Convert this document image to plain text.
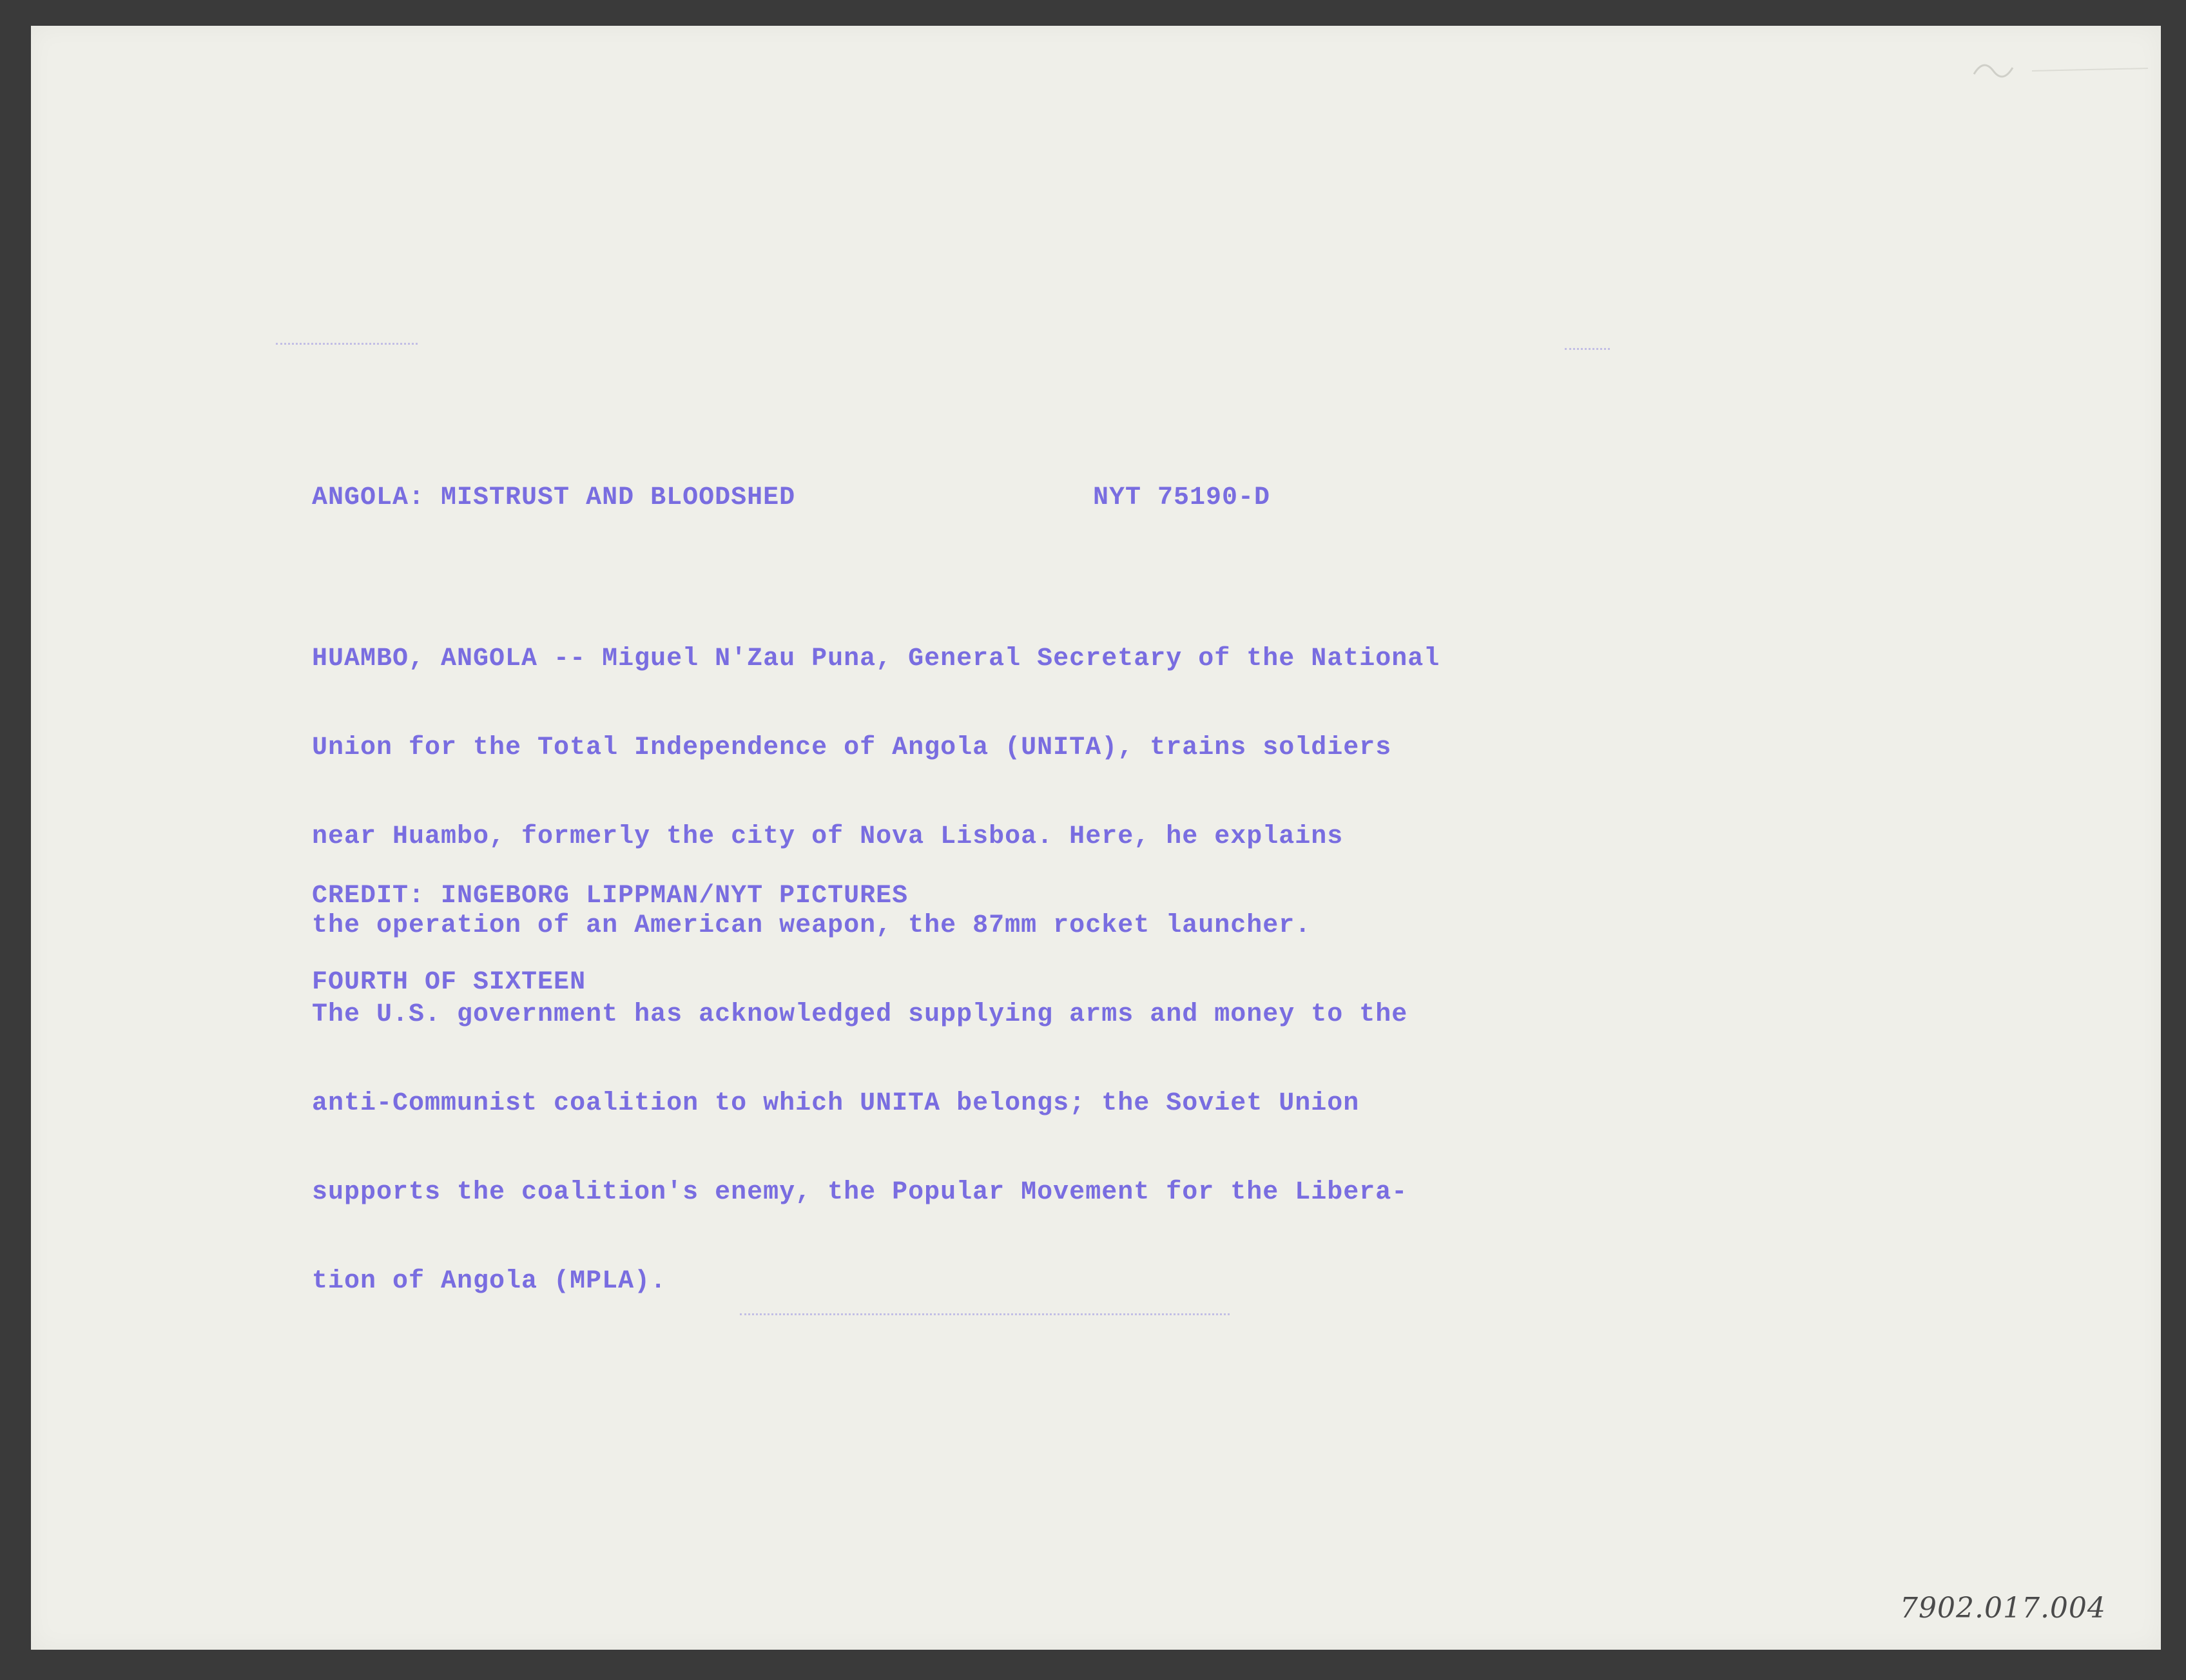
ANGOLA: MISTRUST AND BLOODSHED	NYT 75190-D

HUAMBO, ANGOLA -- Miguel N'Zau Puna, General Secretary of the National

Union for the Total Independence of Angola (UNITA), trains soldiers

near Huambo, formerly the city of Nova Lisboa. Here, he explains

the operation of an American weapon, the 87mm rocket launcher.

The U.S. government has acknowledged supplying arms and money to the

anti-Communist coalition to which UNITA belongs; the Soviet Union

supports the coalition's enemy, the Popular Movement for the Libera-

tion of Angola (MPLA).

CREDIT: INGEBORG LIPPMAN/NYT PICTURES

FOURTH OF SIXTEEN

7902.017.004
